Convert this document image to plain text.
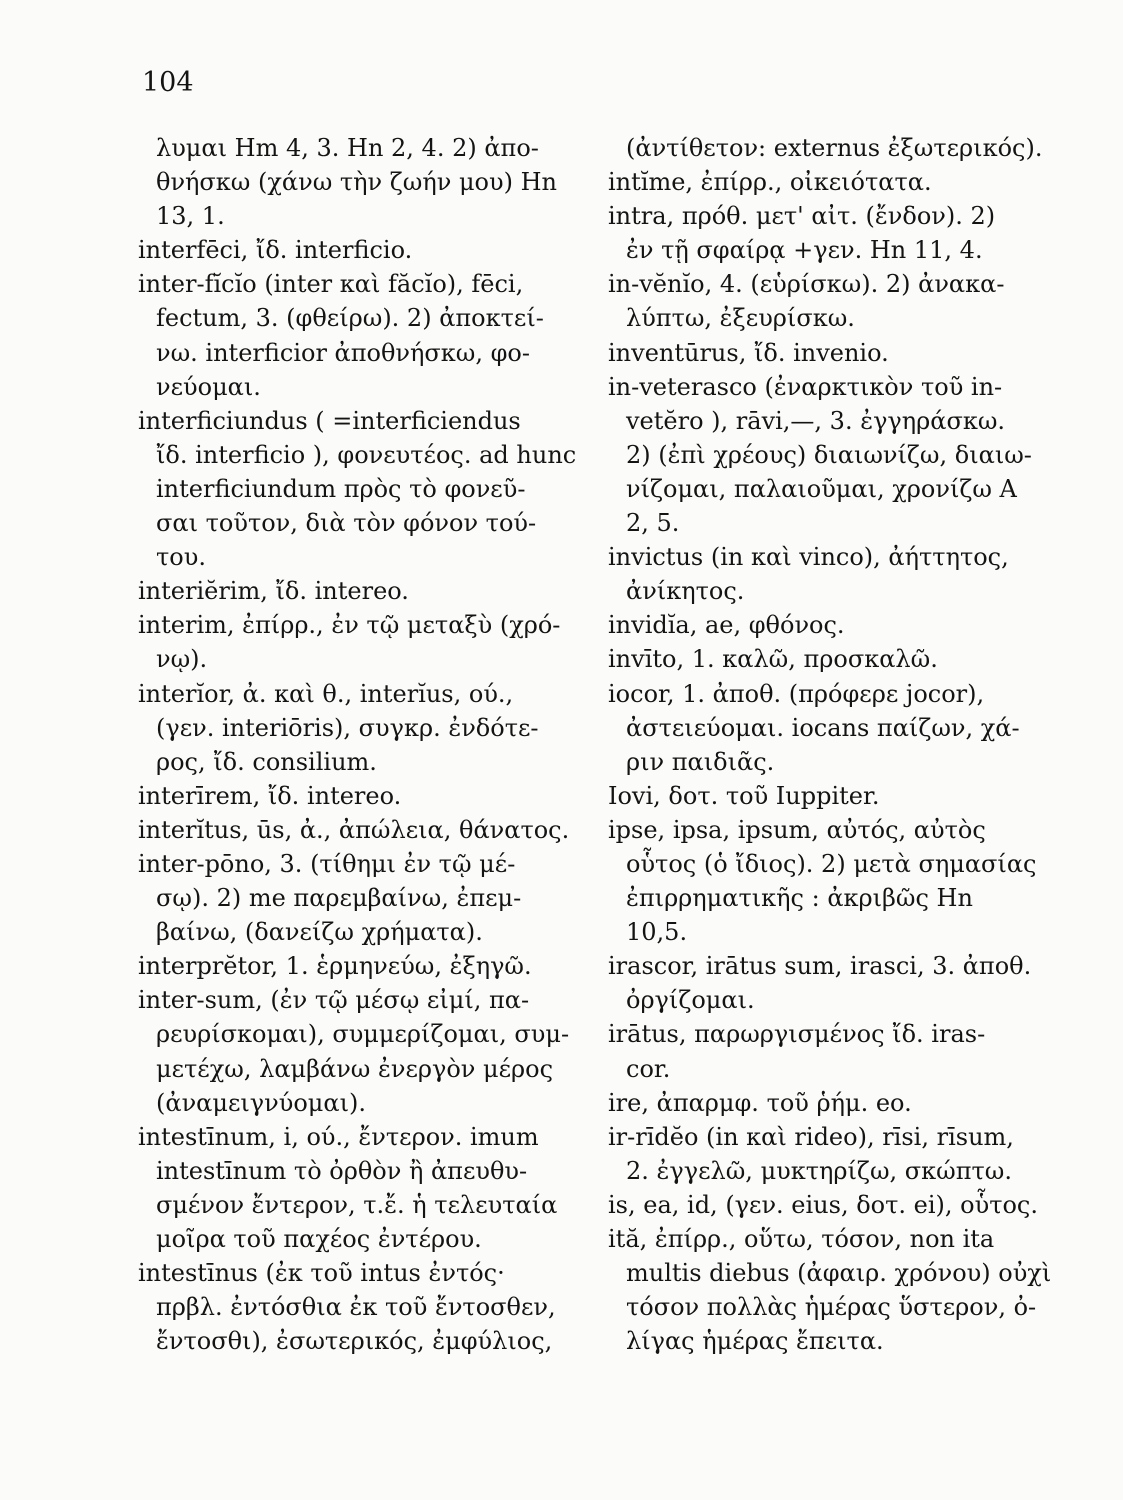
104
λυμαι Hm 4, 3. Hn 2, 4. 2) ἀπο-
θνήσκω (χάνω τὴν ζωήν μου) Hn
13, 1.
interfēci, ἴδ. interficio.
inter-fĭcĭo (inter καὶ făcĭo), fēci,
fectum, 3. (φθείρω). 2) ἀποκτεί-
νω. interficior ἀποθνήσκω, φο-
νεύομαι.
interficiundus ( =interficiendus
ἴδ. interficio ), φονευτέος. ad hunc
interficiundum πρὸς τὸ φονεῦ-
σαι τοῦτον, διὰ τὸν φόνον τού-
του.
interiĕrim, ἴδ. intereo.
interim, ἐπίρρ., ἐν τῷ μεταξὺ (χρό-
νῳ).
interĭor, ἀ. καὶ θ., interĭus, ού.,
(γεν. interiōris), συγκρ. ἐνδότε-
ρος, ἴδ. consilium.
interīrem, ἴδ. intereo.
interĭtus, ūs, ἀ., ἀπώλεια, θάνατος.
inter-pōno, 3. (τίθημι ἐν τῷ μέ-
σῳ). 2) me παρεμβαίνω, ἐπεμ-
βαίνω, (δανείζω χρήματα).
interprĕtor, 1. ἑρμηνεύω, ἐξηγῶ.
inter-sum, (ἐν τῷ μέσῳ εἰμί, πα-
ρευρίσκομαι), συμμερίζομαι, συμ-
μετέχω, λαμβάνω ἐνεργὸν μέρος
(ἀναμειγνύομαι).
intestīnum, i, ού., ἔντερον. imum
intestīnum τὸ ὀρθὸν ἢ ἀπευθυ-
σμένον ἔντερον, τ.ἔ. ἡ τελευταία
μοῖρα τοῦ παχέος ἐντέρου.
intestīnus (ἐκ τοῦ intus ἐντός·
πρβλ. ἐντόσθια ἐκ τοῦ ἔντοσθεν,
ἔντοσθι), ἐσωτερικός, ἐμφύλιος,
(ἀντίθετον: externus ἐξωτερικός).
intĭme, ἐπίρρ., οἰκειότατα.
intra, πρόθ. μετ' αἰτ. (ἔνδον). 2)
ἐν τῇ σφαίρᾳ +γεν. Hn 11, 4.
in-vĕnĭo, 4. (εὑρίσκω). 2) ἀνακα-
λύπτω, ἐξευρίσκω.
inventūrus, ἴδ. invenio.
in-veterasco (ἐναρκτικὸν τοῦ in-
vetĕro ), rāvi,—, 3. ἐγγηράσκω.
2) (ἐπὶ χρέους) διαιωνίζω, διαιω-
νίζομαι, παλαιοῦμαι, χρονίζω A
2, 5.
invictus (in καὶ vinco), ἀήττητος,
ἀνίκητος.
invidĭa, ae, φθόνος.
invīto, 1. καλῶ, προσκαλῶ.
iocor, 1. ἀποθ. (πρόφερε jocor),
ἀστειεύομαι. iocans παίζων, χά-
ριν παιδιᾶς.
Iovi, δοτ. τοῦ Iuppiter.
ipse, ipsa, ipsum, αὐτός, αὐτὸς
οὗτος (ὁ ἴδιος). 2) μετὰ σημασίας
ἐπιρρηματικῆς : ἀκριβῶς Hn
10,5.
irascor, irātus sum, irasci, 3. ἀποθ.
ὀργίζομαι.
irātus, παρωργισμένος ἴδ. iras-
cor.
ire, ἀπαρμφ. τοῦ ῥήμ. eo.
ir-rīdĕo (in καὶ rideo), rīsi, rīsum,
2. ἐγγελῶ, μυκτηρίζω, σκώπτω.
is, ea, id, (γεν. eius, δοτ. ei), οὗτος.
ită, ἐπίρρ., οὕτω, τόσον, non ita
multis diebus (ἀφαιρ. χρόνου) οὐχὶ
τόσον πολλὰς ἡμέρας ὕστερον, ὀ-
λίγας ἡμέρας ἔπειτα.
